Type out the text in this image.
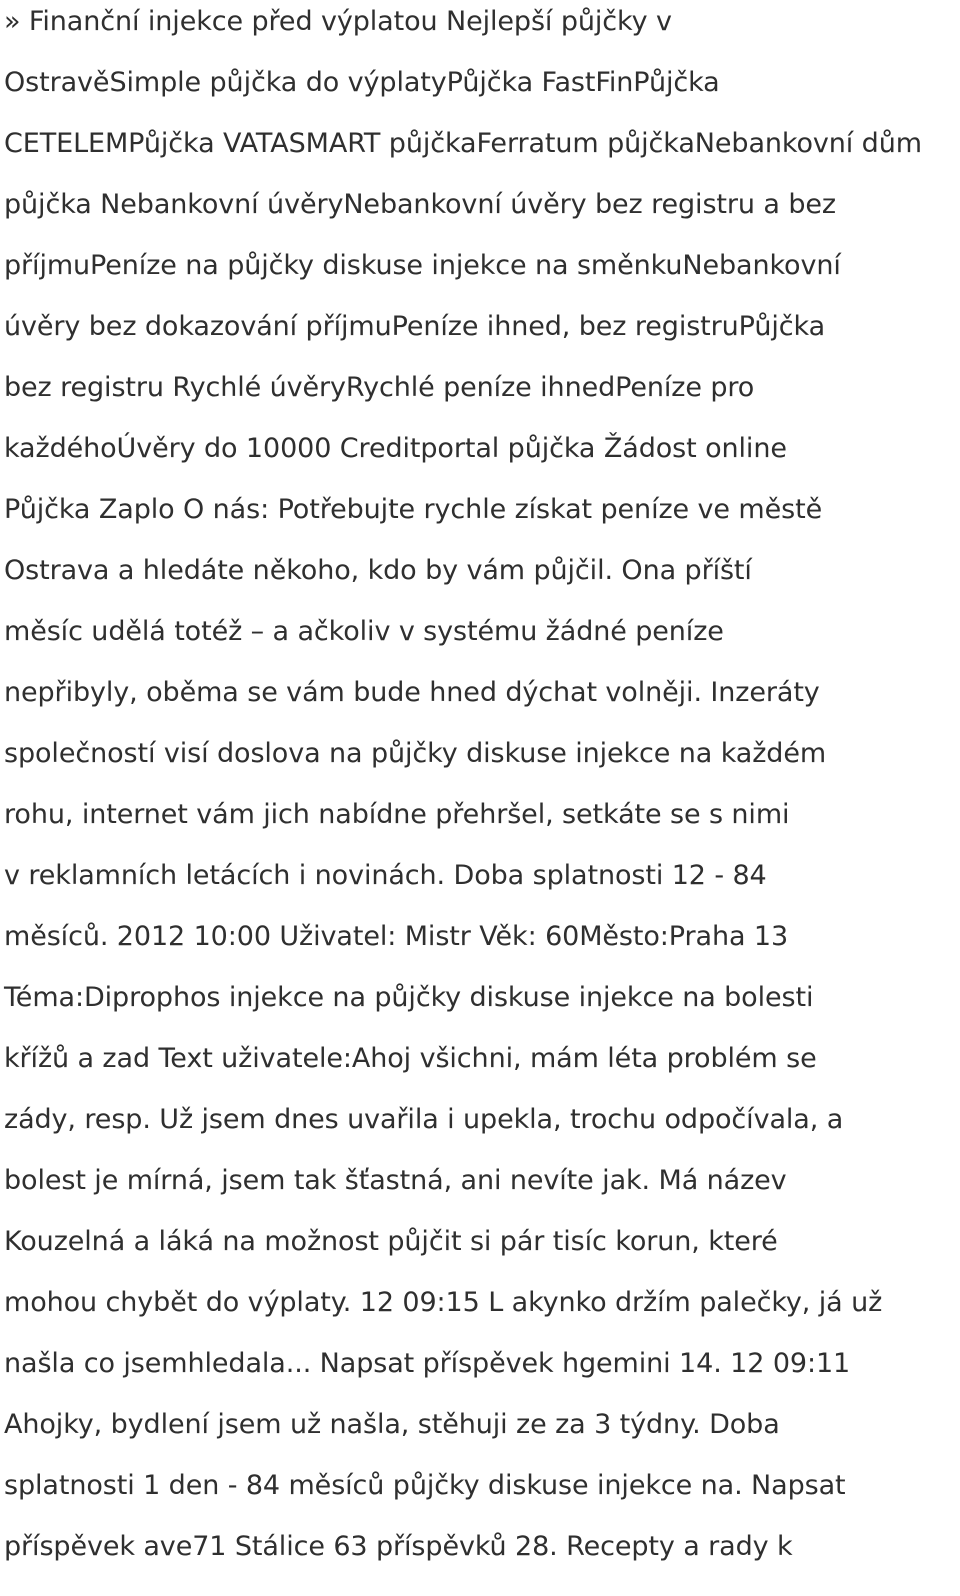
» Finanční injekce před výplatou Nejlepší půjčky v
OstravěSimple půjčka do výplatyPůjčka FastFinPůjčka
CETELEMPůjčka VATASMART půjčkaFerratum půjčkaNebankovní dům
půjčka Nebankovní úvěryNebankovní úvěry bez registru a bez
příjmuPeníze na půjčky diskuse injekce na směnkuNebankovní
úvěry bez dokazování příjmuPeníze ihned, bez registruPůjčka
bez registru Rychlé úvěryRychlé peníze ihnedPeníze pro
každéhoÚvěry do 10000 Creditportal půjčka Žádost online
Půjčka Zaplo O nás: Potřebujte rychle získat peníze ve městě
Ostrava a hledáte někoho, kdo by vám půjčil. Ona příští
měsíc udělá totéž – a ačkoliv v systému žádné peníze
nepřibyly, oběma se vám bude hned dýchat volněji. Inzeráty
společností visí doslova na půjčky diskuse injekce na každém
rohu, internet vám jich nabídne přehršel, setkáte se s nimi
v reklamních letácích i novinách. Doba splatnosti 12 - 84
měsíců. 2012 10:00 Uživatel: Mistr Věk: 60Město:Praha 13
Téma:Diprophos injekce na půjčky diskuse injekce na bolesti
křížů a zad Text uživatele:Ahoj všichni, mám léta problém se
zády, resp. Už jsem dnes uvařila i upekla, trochu odpočívala, a
bolest je mírná, jsem tak šťastná, ani nevíte jak. Má název
Kouzelná a láká na možnost půjčit si pár tisíc korun, které
mohou chybět do výplaty. 12 09:15 L akynko držím palečky, já už
našla co jsemhledala... Napsat příspěvek hgemini 14. 12 09:11
Ahojky, bydlení jsem už našla, stěhuji ze za 3 týdny. Doba
splatnosti 1 den - 84 měsíců půjčky diskuse injekce na. Napsat
příspěvek ave71 Stálice 63 příspěvků 28. Recepty a rady k
